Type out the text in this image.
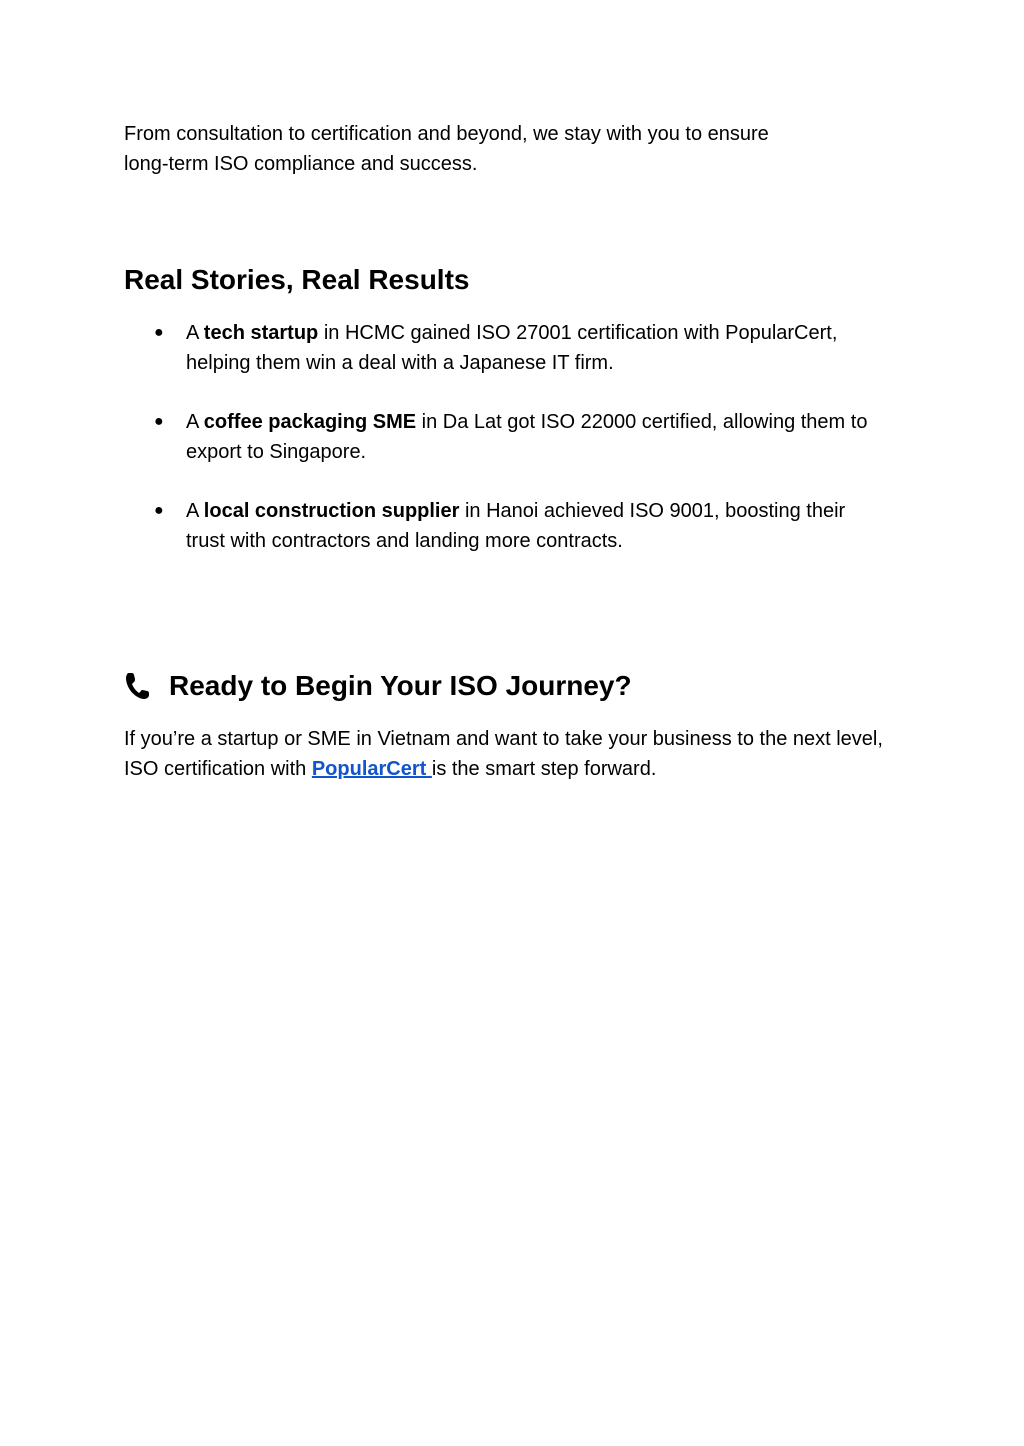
From consultation to certification and beyond, we stay with you to ensure
long-term ISO compliance and success.

Real Stories, Real Results
● A tech startup in HCMC gained ISO 27001 certification with PopularCert, helping them win a deal with a Japanese IT firm.
● A coffee packaging SME in Da Lat got ISO 22000 certified, allowing them to export to Singapore.
● A local construction supplier in Hanoi achieved ISO 9001, boosting their trust with contractors and landing more contracts.
Ready to Begin Your ISO Journey?

If you’re a startup or SME in Vietnam and want to take your business to the next level, ISO certification with PopularCert is the smart step forward.
